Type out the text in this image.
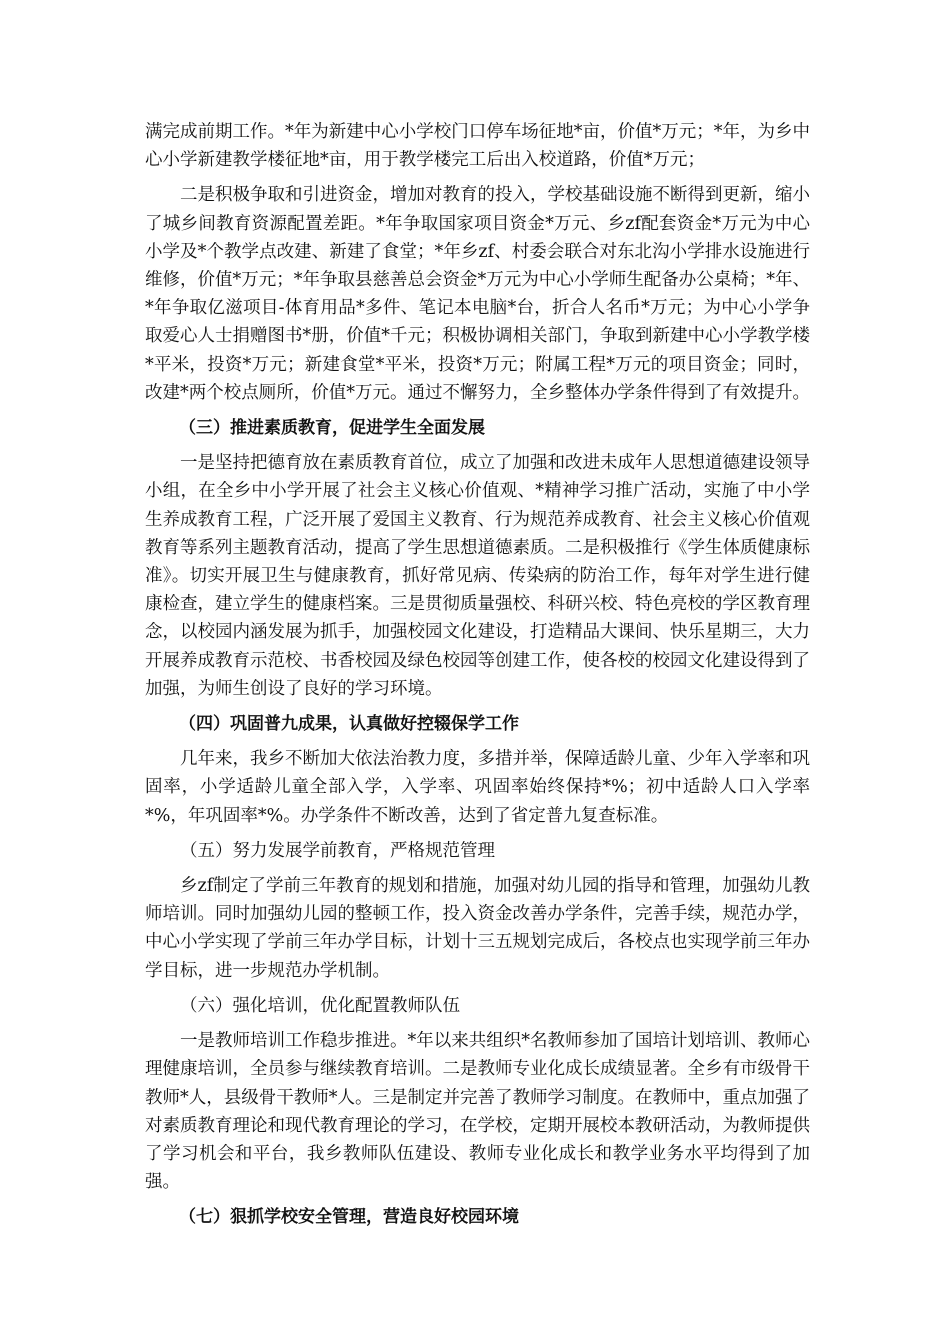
满完成前期工作。*年为新建中心小学校门口停车场征地*亩，价值*万元；*年，为乡中心小学新建教学楼征地*亩，用于教学楼完工后出入校道路，价值*万元；

二是积极争取和引进资金，增加对教育的投入，学校基础设施不断得到更新，缩小了城乡间教育资源配置差距。*年争取国家项目资金*万元、乡zf配套资金*万元为中心小学及*个教学点改建、新建了食堂；*年乡zf、村委会联合对东北沟小学排水设施进行维修，价值*万元；*年争取县慈善总会资金*万元为中心小学师生配备办公桌椅；*年、*年争取亿滋项目-体育用品*多件、笔记本电脑*台，折合人名币*万元；为中心小学争取爱心人士捐赠图书*册，价值*千元；积极协调相关部门，争取到新建中心小学教学楼*平米，投资*万元；新建食堂*平米，投资*万元；附属工程*万元的项目资金；同时，改建*两个校点厕所，价值*万元。通过不懈努力，全乡整体办学条件得到了有效提升。

（三）推进素质教育，促进学生全面发展

一是坚持把德育放在素质教育首位，成立了加强和改进未成年人思想道德建设领导小组，在全乡中小学开展了社会主义核心价值观、*精神学习推广活动，实施了中小学生养成教育工程，广泛开展了爱国主义教育、行为规范养成教育、社会主义核心价值观教育等系列主题教育活动，提高了学生思想道德素质。二是积极推行《学生体质健康标准》。切实开展卫生与健康教育，抓好常见病、传染病的防治工作，每年对学生进行健康检查，建立学生的健康档案。三是贯彻质量强校、科研兴校、特色亮校的学区教育理念，以校园内涵发展为抓手，加强校园文化建设，打造精品大课间、快乐星期三，大力开展养成教育示范校、书香校园及绿色校园等创建工作，使各校的校园文化建设得到了加强，为师生创设了良好的学习环境。

（四）巩固普九成果，认真做好控辍保学工作

几年来，我乡不断加大依法治教力度，多措并举，保障适龄儿童、少年入学率和巩固率，小学适龄儿童全部入学，入学率、巩固率始终保持*%；初中适龄人口入学率*%，年巩固率*%。办学条件不断改善，达到了省定普九复查标准。

（五）努力发展学前教育，严格规范管理

乡zf制定了学前三年教育的规划和措施，加强对幼儿园的指导和管理，加强幼儿教师培训。同时加强幼儿园的整顿工作，投入资金改善办学条件，完善手续，规范办学，中心小学实现了学前三年办学目标，计划十三五规划完成后，各校点也实现学前三年办学目标，进一步规范办学机制。

（六）强化培训，优化配置教师队伍

一是教师培训工作稳步推进。*年以来共组织*名教师参加了国培计划培训、教师心理健康培训，全员参与继续教育培训。二是教师专业化成长成绩显著。全乡有市级骨干教师*人，县级骨干教师*人。三是制定并完善了教师学习制度。在教师中，重点加强了对素质教育理论和现代教育理论的学习，在学校，定期开展校本教研活动，为教师提供了学习机会和平台，我乡教师队伍建设、教师专业化成长和教学业务水平均得到了加强。

（七）狠抓学校安全管理，营造良好校园环境
